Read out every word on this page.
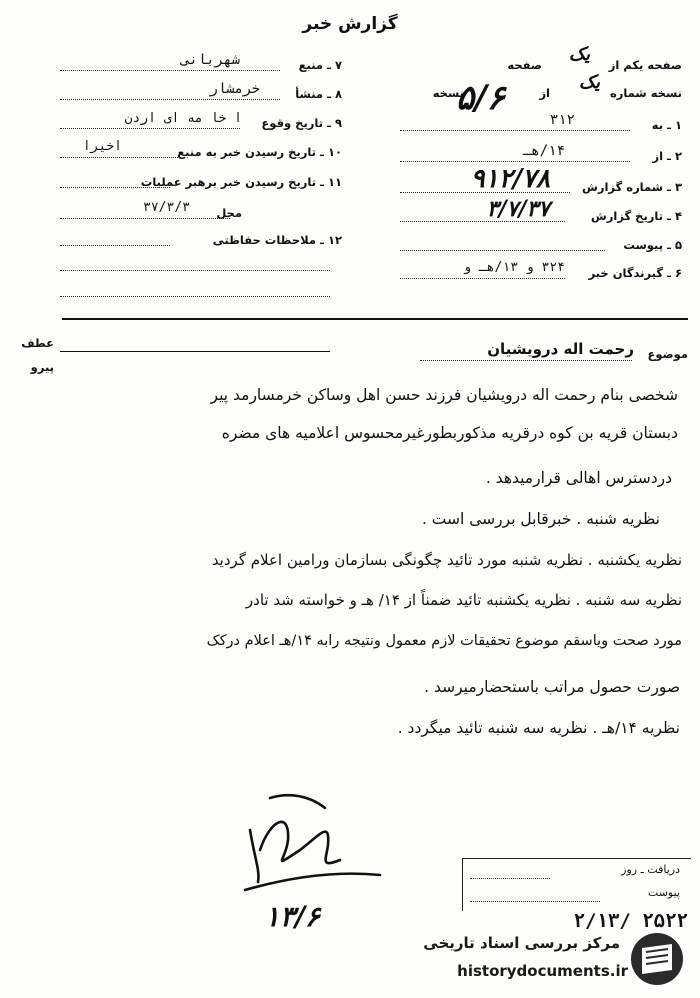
گزارش خبر
صفحه یکم از
یک
صفحه
نسخه شماره
یک
از
نسخه
۱ ـ به
۳۱۲
۲ ـ از
۱۴/هـ
۳ ـ شماره گزارش
۹۱۲/۷۸
۴ ـ تاریخ گزارش
۳/۷/۳۷
۵ ـ پیوست
۶ ـ گیرندگان خبر
۳۲۴ و ۱۳/هـ و
۵/۶
۷ ـ منبع
شهربانی
۸ ـ منشأ
خرمشار
۹ ـ تاریخ وقوع
ا خا مه ای اردن
۱۰ ـ تاریخ رسیدن خبر به منبع
اخیرا
۱۱ ـ تاریخ رسیدن خبر برهبر عملیات
محل
۳۷/۳/۳
۱۲ ـ ملاحظات حفاظتی
عطف
پیرو
موضوع
رحمت اله درویشیان
شخصی بنام رحمت اله درویشیان فرزند حسن اهل وساکن خرمسارمد پیر
دبستان قریه بن کوه درقریه مذکوربطورغیرمحسوس اعلامیه های مضره
دردسترس اهالی قرارمیدهد .
نظریه شنبه . خبرقابل بررسی است .
نظریه یکشنبه . نظریه شنبه مورد تائید چگونگی بسازمان ورامین اعلام گردید
نظریه سه شنبه . نظریه یکشنبه تائید ضمناً از ۱۴/ هـ و خواسته شد تادر
مورد صحت ویاسقم موضوع تحقیقات لازم معمول ونتیجه رابه ۱۴/هـ اعلام درکک
صورت حصول مراتب باستحضارمیرسد .
نظریه ۱۴/هـ . نظریه سه شنبه تائید میگردد .
۱۳/۶
دریافت ـ روز
پیوست
۲۵۲۲ /۲/۱۳
مرکز بررسی اسناد تاریخی
historydocuments.ir
